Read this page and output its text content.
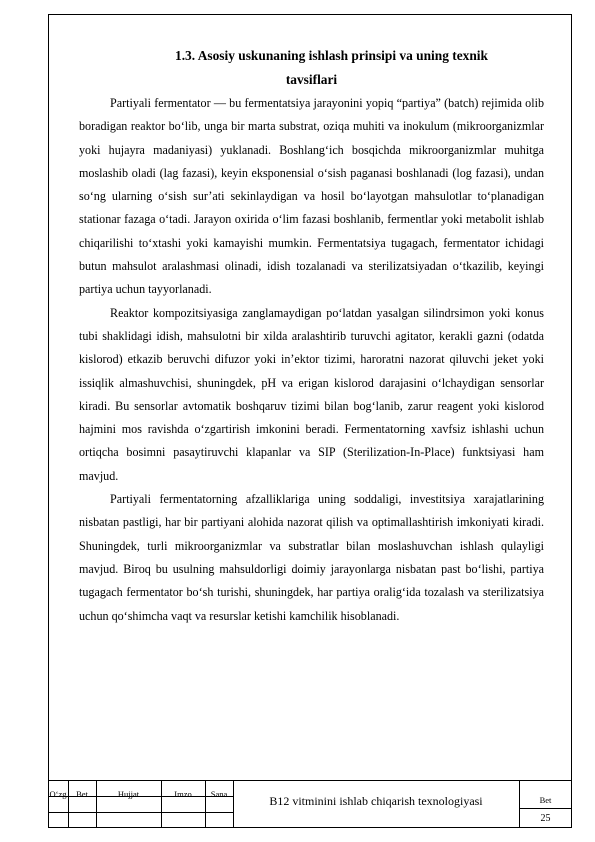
1.3. Asosiy uskunaning ishlash prinsipi va uning texnik
tavsiflari

Partiyali fermentator — bu fermentatsiya jarayonini yopiq “partiya” (batch) rejimida olib boradigan reaktor bo‘lib, unga bir marta substrat, oziqa muhiti va inokulum (mikroorganizmlar yoki hujayra madaniyasi) yuklanadi. Boshlang‘ich bosqichda mikroorganizmlar muhitga moslashib oladi (lag fazasi), keyin eksponensial o‘sish paganasi boshlanadi (log fazasi), undan so‘ng ularning o‘sish sur’ati sekinlaydigan va hosil bo‘layotgan mahsulotlar to‘planadigan stationar fazaga o‘tadi. Jarayon oxirida o‘lim fazasi boshlanib, fermentlar yoki metabolit ishlab chiqarilishi to‘xtashi yoki kamayishi mumkin. Fermentatsiya tugagach, fermentator ichidagi butun mahsulot aralashmasi olinadi, idish tozalanadi va sterilizatsiyadan o‘tkazilib, keyingi partiya uchun tayyorlanadi.

Reaktor kompozitsiyasiga zanglamaydigan po‘latdan yasalgan silindrsimon yoki konus tubi shaklidagi idish, mahsulotni bir xilda aralashtirib turuvchi agitator, kerakli gazni (odatda kislorod) etkazib beruvchi difuzor yoki in’ektor tizimi, haroratni nazorat qiluvchi jeket yoki issiqlik almashuvchisi, shuningdek, pH va erigan kislorod darajasini o‘lchaydigan sensorlar kiradi. Bu sensorlar avtomatik boshqaruv tizimi bilan bog‘lanib, zarur reagent yoki kislorod hajmini mos ravishda o‘zgartirish imkonini beradi. Fermentatorning xavfsiz ishlashi uchun ortiqcha bosimni pasaytiruvchi klapanlar va SIP (Sterilization-In-Place) funktsiyasi ham mavjud.

Partiyali fermentatorning afzalliklariga uning soddaligi, investitsiya xarajatlarining nisbatan pastligi, har bir partiyani alohida nazorat qilish va optimallashtirish imkoniyati kiradi. Shuningdek, turli mikroorganizmlar va substratlar bilan moslashuvchan ishlash qulayligi mavjud. Biroq bu usulning mahsuldorligi doimiy jarayonlarga nisbatan past bo‘lishi, partiya tugagach fermentator bo‘sh turishi, shuningdek, har partiya oralig‘ida tozalash va sterilizatsiya uchun qo‘shimcha vaqt va resurslar ketishi kamchilik hisoblanadi.

O‘zg	Bet	Hujjat	Imzo	Sana	B12 vitminini ishlab chiqarish texnologiyasi	Bet
25
